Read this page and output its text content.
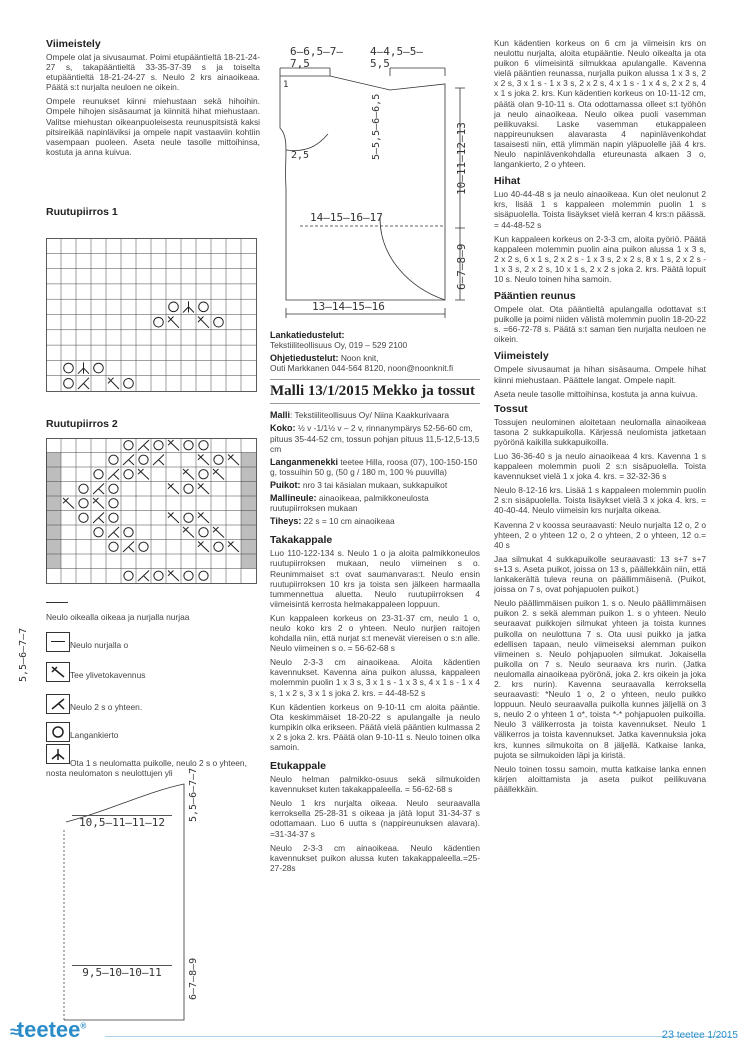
Viimeistely

Ompele olat ja sivusaumat. Poimi etupääntieltä 18-21-24-27 s, takapääntieltä 33-35-37-39 s ja toiselta etupääntieltä 18-21-24-27 s. Neulo 2 krs ainaoikeaa. Päätä s:t nurjalta neuloen ne oikein.

Ompele reunukset kiinni miehustaan sekä hihoihin. Ompele hihojen sisäsaumat ja kiinnitä hihat miehustaan. Valitse miehustan oikeanpuoleisesta reunuspitsistä kaksi pitsireikää napinläviksi ja ompele napit vastaaviin kohtiin vasempaan puoleen. Aseta neule tasolle mittoihinsa, kostuta ja anna kuivua.

Ruutupiirros 1
Ruutupiirros 2
Neulo oikealla oikeaa ja nurjalla nurjaa
Neulo nurjalla o
Tee ylivetokavennus
Neulo 2 s o yhteen.
Langankierto
Ota 1 s neulomatta puikolle, neulo 2 s o yhteen, nosta neulomaton s neulottujen yli
5,5–6–7–7
5,5–6–7–7
6–7–8–9
10,5–11–11–12
9,5–10–10–11
6–6,5–7–7,5
4–4,5–5–5,5
5–5,5–6–6,5	10–11–12–13
2,5
1
14–15–16–17
6–7–8–9
13–14–15–16
Lankatiedustelut:
Tekstiiliteollisuus Oy, 019 – 529 2100
Ohjetiedustelut: Noon knit,
Outi Markkanen 044-564 8120, noon@noonknit.fi
Malli 13/1/2015 Mekko ja tossut
Malli: Tekstiiliteollisuus Oy/ Niina Kaakkurivaara
Koko: ½ v -1/1½ v – 2 v, rinnanympärys 52-56-60 cm, pituus 35-44-52 cm, tossun pohjan pituus 11,5-12,5-13,5 cm
Langanmenekki teetee Hilla, roosa (07), 100-150-150 g, tossuihin 50 g, (50 g / 180 m, 100 % puuvilla)
Puikot: nro 3 tai käsialan mukaan, sukkapuikot
Mallineule: ainaoikeaa, palmikkoneulosta ruutupiirroksen mukaan
Tiheys: 22 s = 10 cm ainaoikeaa
Takakappale

Luo 110-122-134 s. Neulo 1 o ja aloita palmikkoneulos ruutupiirroksen mukaan, neulo viimeinen s o. Reunimmaiset s:t ovat saumanvaras:t. Neulo ensin ruutupiirroksen 10 krs ja toista sen jälkeen harmaalla tummennettua aluetta. Neulo ruutupiirroksen 4 viimeisintä kerrosta helmakappaleen loppuun.

Kun kappaleen korkeus on 23-31-37 cm, neulo 1 o, neulo koko krs 2 o yhteen. Neulo nurjien raitojen kohdalla niin, että nurjat s:t menevät viereisen o s:n alle. Neulo viimeinen s o. = 56-62-68 s

Neulo 2-3-3 cm ainaoikeaa. Aloita kädentien kavennukset. Kavenna aina puikon alussa, kappaleen molemmin puolin 1 x 3 s, 3 x 1 s - 1 x 3 s, 4 x 1 s - 1 x 4 s, 1 x 2 s, 3 x 1 s joka 2. krs. = 44-48-52 s

Kun kädentien korkeus on 9-10-11 cm aloita pääntie. Ota keskimmäiset 18-20-22 s apulangalle ja neulo kumpikin olka erikseen. Päätä vielä pääntien kulmassa 2 x 2 s joka 2. krs. Päätä olan 9-10-11 s. Neulo toinen olka samoin.

Etukappale

Neulo helman palmikko-osuus sekä silmukoiden kavennukset kuten takakappaleella. = 56-62-68 s

Neulo 1 krs nurjalta oikeaa. Neulo seuraavalla kerroksella 25-28-31 s oikeaa ja jätä loput 31-34-37 s odottamaan. Luo 6 uutta s (nappireunuksen alavara). =31-34-37 s

Neulo 2-3-3 cm ainaoikeaa. Neulo kädentien kavennukset puikon alussa kuten takakappaleella.=25-27-28s

Kun kädentien korkeus on 6 cm ja viimeisin krs on neulottu nurjalta, aloita etupääntie. Neulo oikealta ja ota puikon 6 viimeisintä silmukkaa apulangalle. Kavenna vielä pääntien reunassa, nurjalla puikon alussa 1 x 3 s, 2 x 2 s, 3 x 1 s - 1 x 3 s, 2 x 2 s, 4 x 1 s - 1 x 4 s, 2 x 2 s, 4 x 1 s joka 2. krs. Kun kädentien korkeus on 10-11-12 cm, päätä olan 9-10-11 s. Ota odottamassa olleet s:t työhön ja neulo ainaoikeaa. Neulo oikea puoli vasemman peilikuvaksi. Laske vasemman etukappaleen nappireunuksen alavarasta 4 napinlävenkohdat tasaisesti niin, että ylimmän napin yläpuolelle jää 4 krs. Neulo napinlävenkohdalla etureunasta alkaen 3 o, langankierto, 2 o yhteen.

Hihat

Luo 40-44-48 s ja neulo ainaoikeaa. Kun olet neulonut 2 krs, lisää 1 s kappaleen molemmin puolin 1 s sisäpuolella. Toista lisäykset vielä kerran 4 krs:n päässä. = 44-48-52 s

Kun kappaleen korkeus on 2-3-3 cm, aloita pyöriö. Päätä kappaleen molemmin puolin aina puikon alussa 1 x 3 s, 2 x 2 s, 6 x 1 s, 2 x 2 s - 1 x 3 s, 2 x 2 s, 8 x 1 s, 2 x 2 s - 1 x 3 s, 2 x 2 s, 10 x 1 s, 2 x 2 s joka 2. krs. Päätä lopuit 10 s. Neulo toinen hiha samoin.

Pääntien reunus

Ompele olat. Ota pääntieltä apulangalla odottavat s:t puikolle ja poimi niiden välistä molemmin puolin 18-20-22 s. =66-72-78 s. Päätä s:t saman tien nurjalta neuloen ne oikein.

Viimeistely

Ompele sivusaumat ja hihan sisäsauma. Ompele hihat kiinni miehustaan. Päättele langat. Ompele napit.

Aseta neule tasolle mittoihinsa, kostuta ja anna kuivua.

Tossut

Tossujen neulominen aloitetaan neulomalla ainaoikeaa tasona 2 sukkapuikolla. Kärjessä neulomista jatketaan pyörönä kaikilla sukkapuikoilla.

Luo 36-36-40 s ja neulo ainaoikeaa 4 krs. Kavenna 1 s kappaleen molemmin puoli 2 s:n sisäpuolella. Toista kavennukset vielä 1 x joka 4. krs. = 32-32-36 s

Neulo 8-12-16 krs. Lisää 1 s kappaleen molemmin puolin 2 s:n sisäpuolella. Toista lisäykset vielä 3 x joka 4. krs. = 40-40-44. Neulo viimeisin krs nurjalta oikeaa.

Kavenna 2 v koossa seuraavasti: Neulo nurjalta 12 o, 2 o yhteen, 2 o yhteen 12 o, 2 o yhteen, 2 o yhteen, 12 o.= 40 s

Jaa silmukat 4 sukkapuikolle seuraavasti: 13 s+7 s+7 s+13 s. Aseta puikot, joissa on 13 s, päällekkäin niin, että lankakerältä tuleva reuna on päällimmäisenä. (Puikot, joissa on 7 s, ovat pohjapuolen puikot.)

Neulo päällimmäisen puikon 1. s o. Neulo päällimmäisen puikon 2. s sekä alemman puikon 1. s o yhteen. Neulo seuraavat puikkojen silmukat yhteen ja toista kunnes puikolla on neulottuna 7 s. Ota uusi puikko ja jatka edellisen tapaan, neulo viimeiseksi alemman puikon viimeinen s. Neulo pohjapuolen silmukat. Jokaisella puikolla on 7 s. Neulo seuraava krs nurin. (Jatka neulomalla ainaoikeaa pyörönä, joka 2. krs oikein ja joka 2. krs nurin). Kavenna seuraavalla kerroksella seuraavasti: *Neulo 1 o, 2 o yhteen, neulo puikko loppuun. Neulo seuraavalla puikolla kunnes jäljellä on 3 s, neulo 2 o yhteen 1 o*, toista *-* pohjapuolen puikoilla. Neulo 3 välikerrosta ja toista kavennukset. Neulo 1 välikerros ja toista kavennukset. Jatka kavennuksia joka krs, kunnes silmukoita on 8 jäljellä. Katkaise lanka, pujota se silmukoiden läpi ja kiristä.

Neulo toinen tossu samoin, mutta katkaise lanka ennen kärjen aloittamista ja aseta puikot peilikuvana päällekkäin.

≈teetee®
23 teetee 1/2015
